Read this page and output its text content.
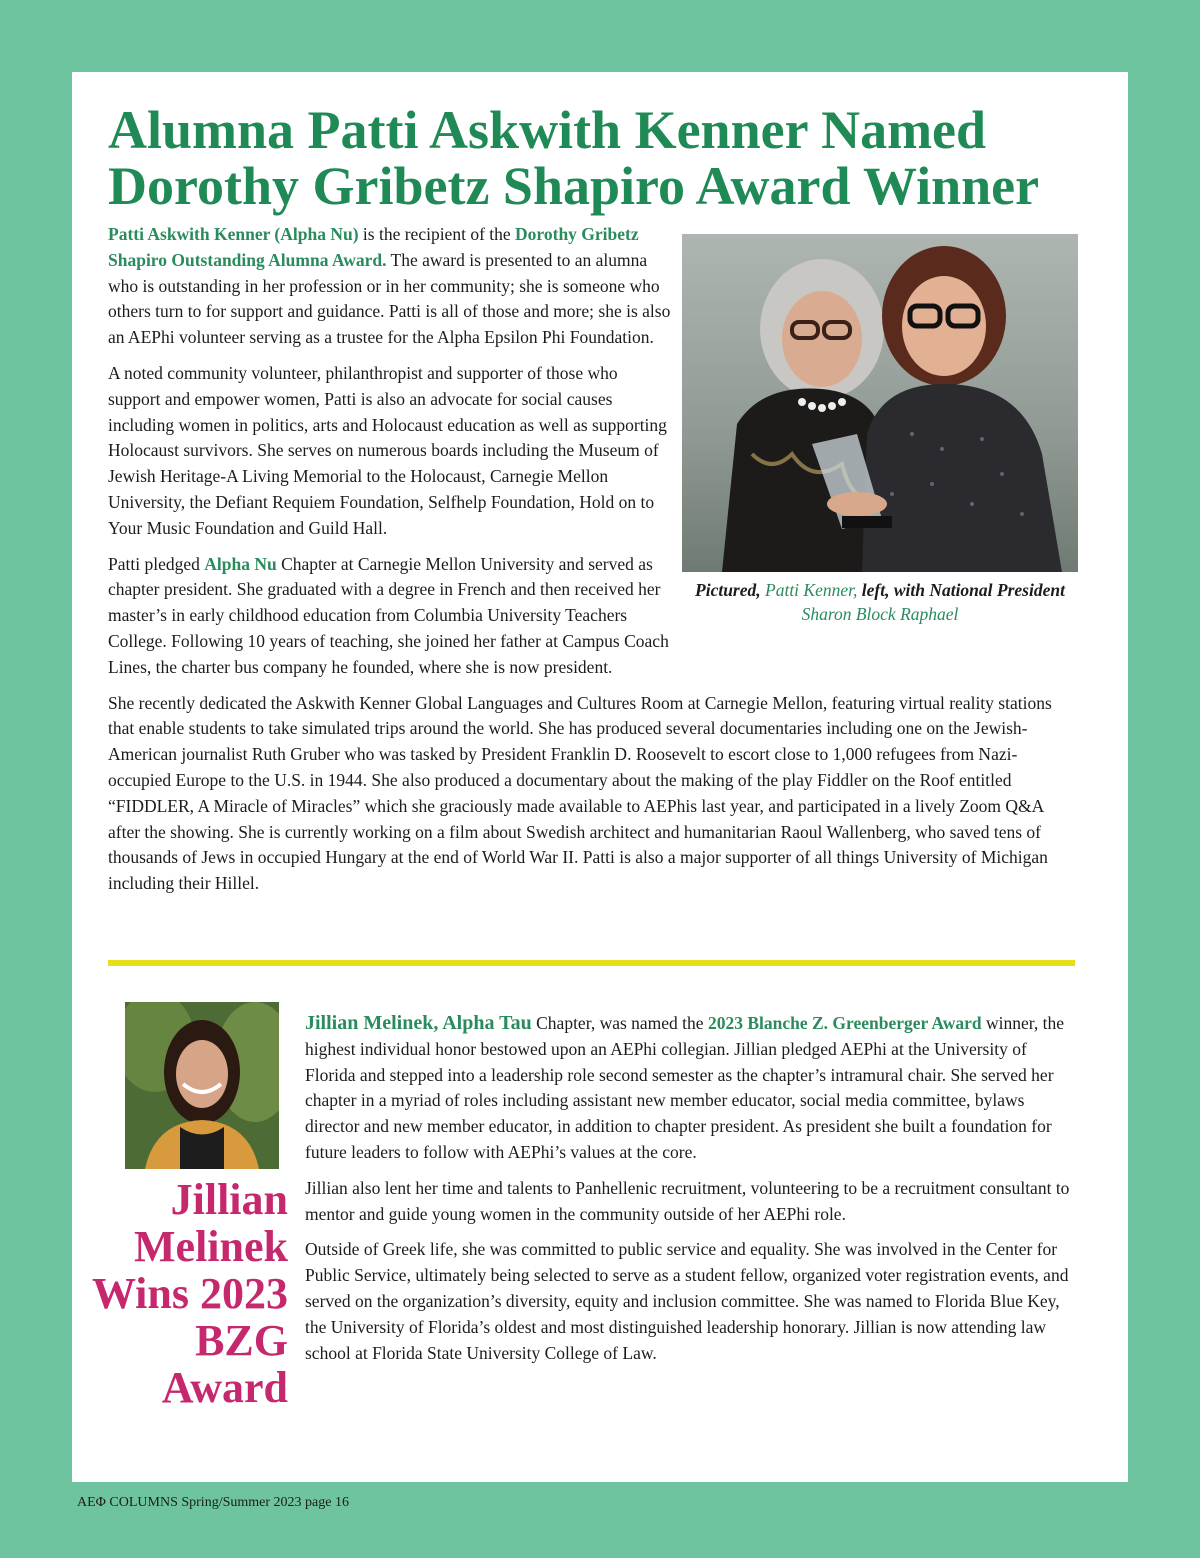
Alumna Patti Askwith Kenner Named Dorothy Gribetz Shapiro Award Winner
Pictured, Patti Kenner, left, with National President Sharon Block Raphael

Patti Askwith Kenner (Alpha Nu) is the recipient of the Dorothy Gribetz Shapiro Outstanding Alumna Award. The award is presented to an alumna who is outstanding in her profession or in her community; she is someone who others turn to for support and guidance. Patti is all of those and more; she is also an AEPhi volunteer serving as a trustee for the Alpha Epsilon Phi Foundation.

A noted community volunteer, philanthropist and supporter of those who support and empower women, Patti is also an advocate for social causes including women in politics, arts and Holocaust education as well as supporting Holocaust survivors. She serves on numerous boards including the Museum of Jewish Heritage-A Living Memorial to the Holocaust, Carnegie Mellon University, the Defiant Requiem Foundation, Selfhelp Foundation, Hold on to Your Music Foundation and Guild Hall.

Patti pledged Alpha Nu Chapter at Carnegie Mellon University and served as chapter president. She graduated with a degree in French and then received her master’s in early childhood education from Columbia University Teachers College. Following 10 years of teaching, she joined her father at Campus Coach Lines, the charter bus company he founded, where she is now president.

She recently dedicated the Askwith Kenner Global Languages and Cultures Room at Carnegie Mellon, featuring virtual reality stations that enable students to take simulated trips around the world. She has produced several documentaries including one on the Jewish-American journalist Ruth Gruber who was tasked by President Franklin D. Roosevelt to escort close to 1,000 refugees from Nazi-occupied Europe to the U.S. in 1944. She also produced a documentary about the making of the play Fiddler on the Roof entitled “FIDDLER, A Miracle of Miracles” which she graciously made available to AEPhis last year, and participated in a lively Zoom Q&A after the showing. She is currently working on a film about Swedish architect and humanitarian Raoul Wallenberg, who saved tens of thousands of Jews in occupied Hungary at the end of World War II. Patti is also a major supporter of all things University of Michigan including their Hillel.

Jillian Melinek Wins 2023 BZG Award

Jillian Melinek, Alpha Tau Chapter, was named the 2023 Blanche Z. Greenberger Award winner, the highest individual honor bestowed upon an AEPhi collegian. Jillian pledged AEPhi at the University of Florida and stepped into a leadership role second semester as the chapter’s intramural chair. She served her chapter in a myriad of roles including assistant new member educator, social media committee, bylaws director and new member educator, in addition to chapter president. As president she built a foundation for future leaders to follow with AEPhi’s values at the core.

Jillian also lent her time and talents to Panhellenic recruitment, volunteering to be a recruitment consultant to mentor and guide young women in the community outside of her AEPhi role.

Outside of Greek life, she was committed to public service and equality. She was involved in the Center for Public Service, ultimately being selected to serve as a student fellow, organized voter registration events, and served on the organization’s diversity, equity and inclusion committee. She was named to Florida Blue Key, the University of Florida’s oldest and most distinguished leadership honorary. Jillian is now attending law school at Florida State University College of Law.

ΑΕΦ COLUMNS Spring/Summer 2023 page 16
